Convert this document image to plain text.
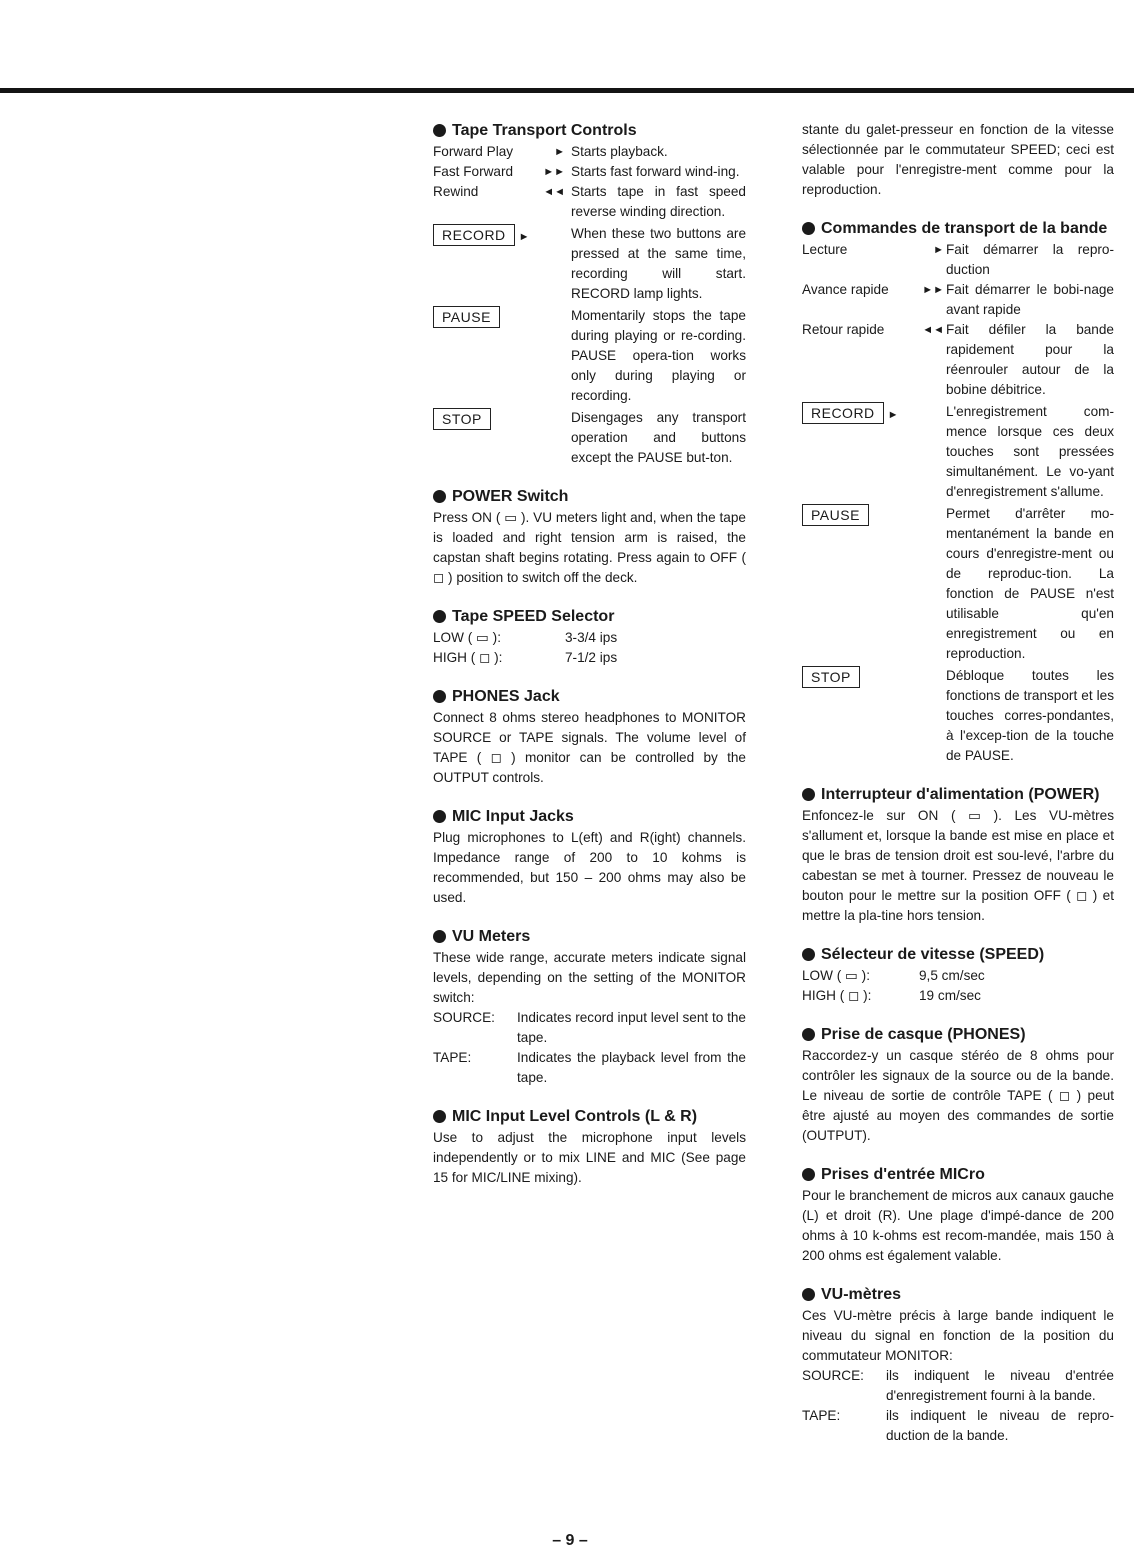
Tape Transport Controls
Forward Play	► Starts playback.
Fast Forward	►► Starts fast forward wind-ing.
Rewind	◄◄ Starts tape in fast speed reverse winding direction.
RECORD ►	When these two buttons are pressed at the same time, recording will start. RECORD lamp lights.
PAUSE	Momentarily stops the tape during playing or re-cording. PAUSE opera-tion works only during playing or recording.
STOP	Disengages any transport operation and buttons except the PAUSE but-ton.
POWER Switch

Press ON ( ▭ ). VU meters light and, when the tape is loaded and right tension arm is raised, the capstan shaft begins rotating. Press again to OFF ( ◻ ) position to switch off the deck.

Tape SPEED Selector
LOW ( ▭ ):	3-3/4 ips
HIGH ( ◻ ):	7-1/2 ips
PHONES Jack

Connect 8 ohms stereo headphones to MONITOR SOURCE or TAPE signals. The volume level of TAPE ( ◻ ) monitor can be controlled by the OUTPUT controls.

MIC Input Jacks

Plug microphones to L(eft) and R(ight) channels. Impedance range of 200 to 10 kohms is recommended, but 150 – 200 ohms may also be used.

VU Meters

These wide range, accurate meters indicate signal levels, depending on the setting of the MONITOR switch:

SOURCE:	Indicates record input level sent to the tape.
TAPE:	Indicates the playback level from the tape.
MIC Input Level Controls (L & R)

Use to adjust the microphone input levels independently or to mix LINE and MIC (See page 15 for MIC/LINE mixing).

stante du galet-presseur en fonction de la vitesse sélectionnée par le commutateur SPEED; ceci est valable pour l'enregistre-ment comme pour la reproduction.

Commandes de transport de la bande
Lecture	► Fait démarrer la repro-duction
Avance rapide	►► Fait démarrer le bobi-nage avant rapide
Retour rapide	◄◄ Fait défiler la bande rapidement pour la réenrouler autour de la bobine débitrice.
RECORD ►	L'enregistrement com-mence lorsque ces deux touches sont pressées simultanément. Le vo-yant d'enregistrement s'allume.
PAUSE	Permet d'arrêter mo-mentanément la bande en cours d'enregistre-ment ou de reproduc-tion. La fonction de PAUSE n'est utilisable qu'en enregistrement ou en reproduction.
STOP	Débloque toutes les fonctions de transport et les touches corres-pondantes, à l'excep-tion de la touche de PAUSE.
Interrupteur d'alimentation (POWER)

Enfoncez-le sur ON ( ▭ ). Les VU-mètres s'allument et, lorsque la bande est mise en place et que le bras de tension droit est sou-levé, l'arbre du cabestan se met à tourner. Pressez de nouveau le bouton pour le mettre sur la position OFF ( ◻ ) et mettre la pla-tine hors tension.

Sélecteur de vitesse (SPEED)
LOW ( ▭ ):	9,5 cm/sec
HIGH ( ◻ ):	19 cm/sec
Prise de casque (PHONES)

Raccordez-y un casque stéréo de 8 ohms pour contrôler les signaux de la source ou de la bande. Le niveau de sortie de contrôle TAPE ( ◻ ) peut être ajusté au moyen des commandes de sortie (OUTPUT).

Prises d'entrée MICro

Pour le branchement de micros aux canaux gauche (L) et droit (R). Une plage d'impé-dance de 200 ohms à 10 k-ohms est recom-mandée, mais 150 à 200 ohms est également valable.

VU-mètres

Ces VU-mètre précis à large bande indiquent le niveau du signal en fonction de la position du commutateur MONITOR:

SOURCE:	ils indiquent le niveau d'entrée d'enregistrement fourni à la bande.
TAPE:	ils indiquent le niveau de repro-duction de la bande.
– 9 –
